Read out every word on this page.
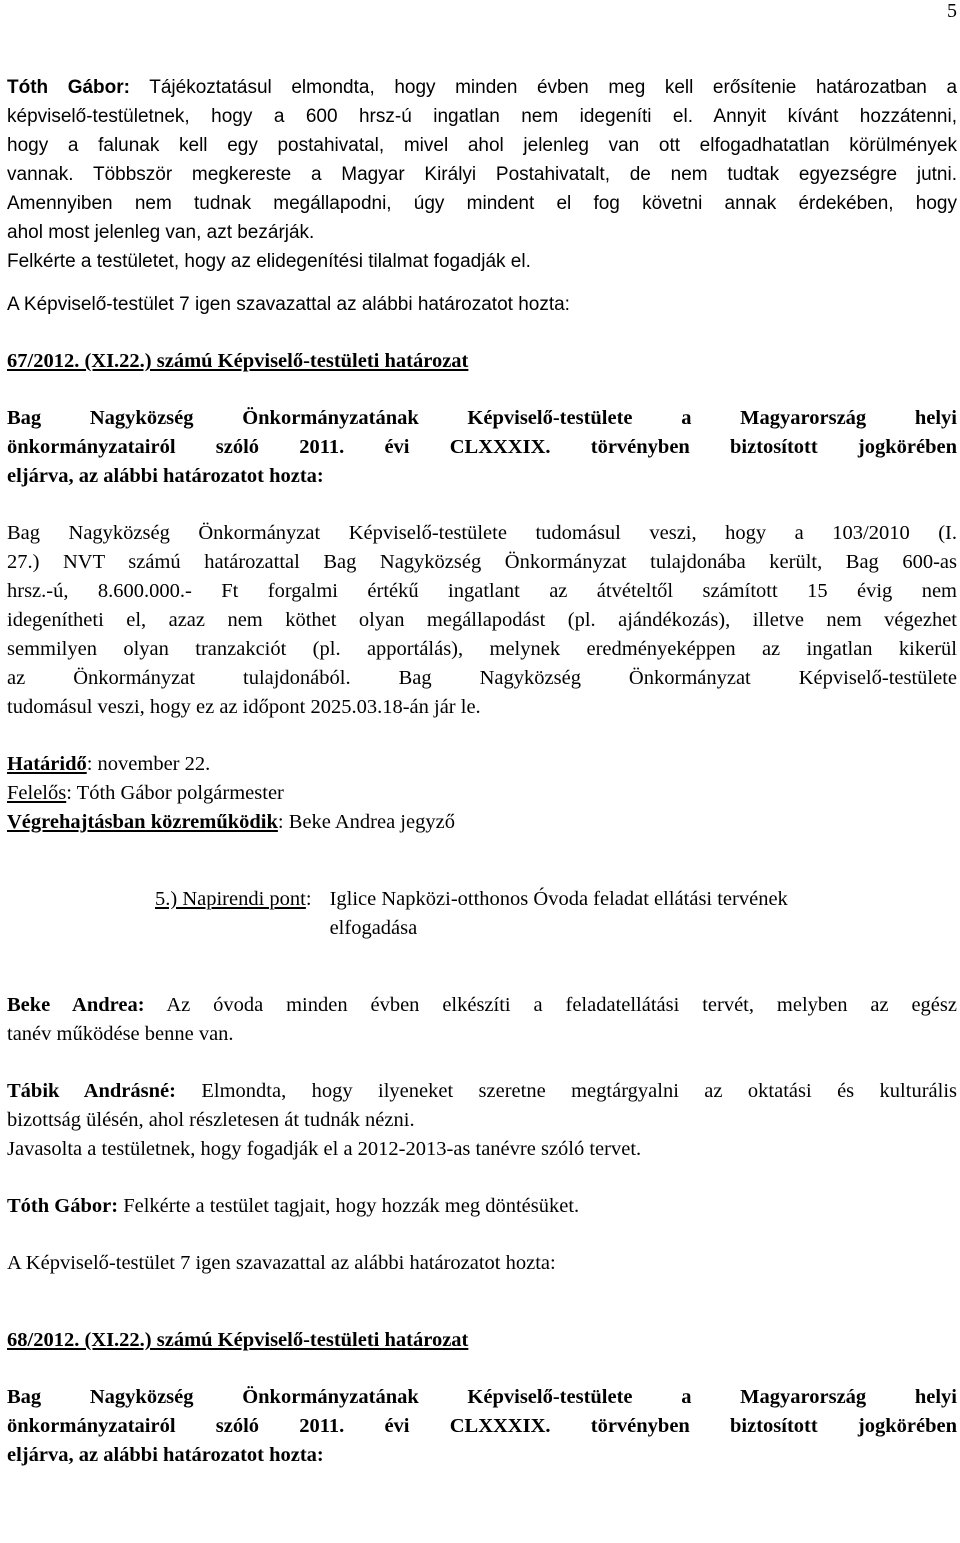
5

Tóth Gábor: Tájékoztatásul elmondta, hogy minden évben meg kell erősítenie határozatban a

képviselő-testületnek, hogy a 600 hrsz-ú ingatlan nem idegeníti el. Annyit kívánt hozzátenni,

hogy a falunak kell egy postahivatal, mivel ahol jelenleg van ott elfogadhatatlan körülmények

vannak. Többször megkereste a Magyar Királyi Postahivatalt, de nem tudtak egyezségre jutni.

Amennyiben nem tudnak megállapodni, úgy mindent el fog követni annak érdekében, hogy

ahol most jelenleg van, azt bezárják.

Felkérte a testületet, hogy az elidegenítési tilalmat fogadják el.

A Képviselő-testület 7 igen szavazattal az alábbi határozatot hozta:

67/2012. (XI.22.) számú Képviselő-testületi határozat

Bag Nagyközség Önkormányzatának Képviselő-testülete a Magyarország helyi

önkormányzatairól szóló 2011. évi CLXXXIX. törvényben biztosított jogkörében

eljárva, az alábbi határozatot hozta:

Bag Nagyközség Önkormányzat Képviselő-testülete tudomásul veszi, hogy a 103/2010 (I.

27.) NVT számú határozattal Bag Nagyközség Önkormányzat tulajdonába került, Bag 600-as

hrsz.-ú, 8.600.000.- Ft forgalmi értékű ingatlant az átvételtől számított 15 évig nem

idegenítheti el, azaz nem köthet olyan megállapodást (pl. ajándékozás), illetve nem végezhet

semmilyen olyan tranzakciót (pl. apportálás), melynek eredményeképpen az ingatlan kikerül

az Önkormányzat tulajdonából. Bag Nagyközség Önkormányzat Képviselő-testülete

tudomásul veszi, hogy ez az időpont 2025.03.18-án jár le.

Határidő: november 22.

Felelős: Tóth Gábor polgármester

Végrehajtásban közreműködik: Beke Andrea jegyző

5.) Napirendi pont: Iglice Napközi-otthonos Óvoda feladat ellátási tervének

elfogadása

Beke Andrea: Az óvoda minden évben elkészíti a feladatellátási tervét, melyben az egész

tanév működése benne van.

Tábik Andrásné: Elmondta, hogy ilyeneket szeretne megtárgyalni az oktatási és kulturális

bizottság ülésén, ahol részletesen át tudnák nézni.

Javasolta a testületnek, hogy fogadják el a 2012-2013-as tanévre szóló tervet.

Tóth Gábor: Felkérte a testület tagjait, hogy hozzák meg döntésüket.

A Képviselő-testület 7 igen szavazattal az alábbi határozatot hozta:

68/2012. (XI.22.) számú Képviselő-testületi határozat

Bag Nagyközség Önkormányzatának Képviselő-testülete a Magyarország helyi

önkormányzatairól szóló 2011. évi CLXXXIX. törvényben biztosított jogkörében

eljárva, az alábbi határozatot hozta:
